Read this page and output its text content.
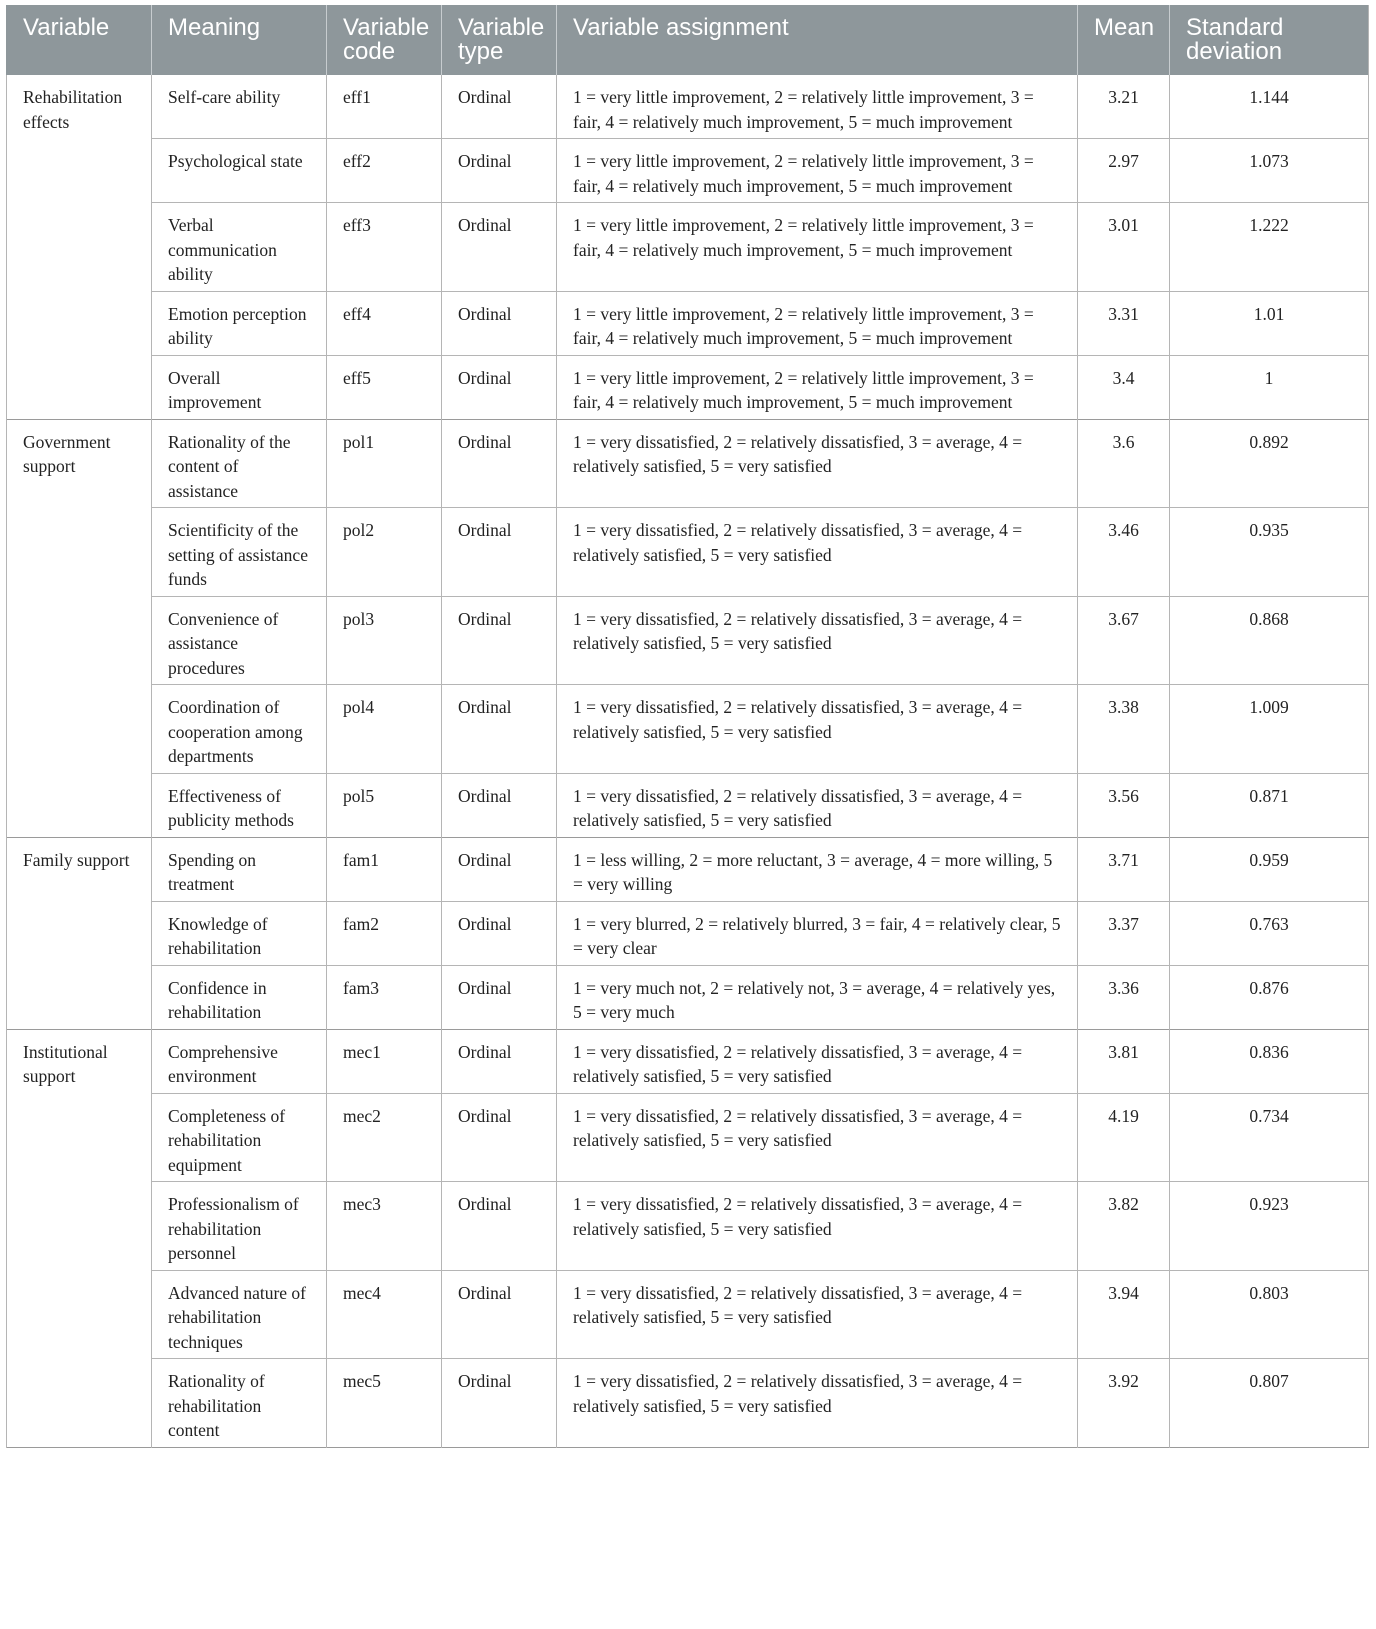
Variable	Meaning	Variable code	Variable type	Variable assignment	Mean	Standard deviation
Rehabilitation effects	Self-care ability	eff1	Ordinal	1 = very little improvement, 2 = relatively little improvement, 3 = fair, 4 = relatively much improvement, 5 = much improvement	3.21	1.144
	Psychological state	eff2	Ordinal	1 = very little improvement, 2 = relatively little improvement, 3 = fair, 4 = relatively much improvement, 5 = much improvement	2.97	1.073
	Verbal communication ability	eff3	Ordinal	1 = very little improvement, 2 = relatively little improvement, 3 = fair, 4 = relatively much improvement, 5 = much improvement	3.01	1.222
	Emotion perception ability	eff4	Ordinal	1 = very little improvement, 2 = relatively little improvement, 3 = fair, 4 = relatively much improvement, 5 = much improvement	3.31	1.01
	Overall improvement	eff5	Ordinal	1 = very little improvement, 2 = relatively little improvement, 3 = fair, 4 = relatively much improvement, 5 = much improvement	3.4	1
Government support	Rationality of the content of assistance	pol1	Ordinal	1 = very dissatisfied, 2 = relatively dissatisfied, 3 = average, 4 = relatively satisfied, 5 = very satisfied	3.6	0.892
	Scientificity of the setting of assistance funds	pol2	Ordinal	1 = very dissatisfied, 2 = relatively dissatisfied, 3 = average, 4 = relatively satisfied, 5 = very satisfied	3.46	0.935
	Convenience of assistance procedures	pol3	Ordinal	1 = very dissatisfied, 2 = relatively dissatisfied, 3 = average, 4 = relatively satisfied, 5 = very satisfied	3.67	0.868
	Coordination of cooperation among departments	pol4	Ordinal	1 = very dissatisfied, 2 = relatively dissatisfied, 3 = average, 4 = relatively satisfied, 5 = very satisfied	3.38	1.009
	Effectiveness of publicity methods	pol5	Ordinal	1 = very dissatisfied, 2 = relatively dissatisfied, 3 = average, 4 = relatively satisfied, 5 = very satisfied	3.56	0.871
Family support	Spending on treatment	fam1	Ordinal	1 = less willing, 2 = more reluctant, 3 = average, 4 = more willing, 5 = very willing	3.71	0.959
	Knowledge of rehabilitation	fam2	Ordinal	1 = very blurred, 2 = relatively blurred, 3 = fair, 4 = relatively clear, 5 = very clear	3.37	0.763
	Confidence in rehabilitation	fam3	Ordinal	1 = very much not, 2 = relatively not, 3 = average, 4 = relatively yes, 5 = very much	3.36	0.876
Institutional support	Comprehensive environment	mec1	Ordinal	1 = very dissatisfied, 2 = relatively dissatisfied, 3 = average, 4 = relatively satisfied, 5 = very satisfied	3.81	0.836
	Completeness of rehabilitation equipment	mec2	Ordinal	1 = very dissatisfied, 2 = relatively dissatisfied, 3 = average, 4 = relatively satisfied, 5 = very satisfied	4.19	0.734
	Professionalism of rehabilitation personnel	mec3	Ordinal	1 = very dissatisfied, 2 = relatively dissatisfied, 3 = average, 4 = relatively satisfied, 5 = very satisfied	3.82	0.923
	Advanced nature of rehabilitation techniques	mec4	Ordinal	1 = very dissatisfied, 2 = relatively dissatisfied, 3 = average, 4 = relatively satisfied, 5 = very satisfied	3.94	0.803
	Rationality of rehabilitation content	mec5	Ordinal	1 = very dissatisfied, 2 = relatively dissatisfied, 3 = average, 4 = relatively satisfied, 5 = very satisfied	3.92	0.807
